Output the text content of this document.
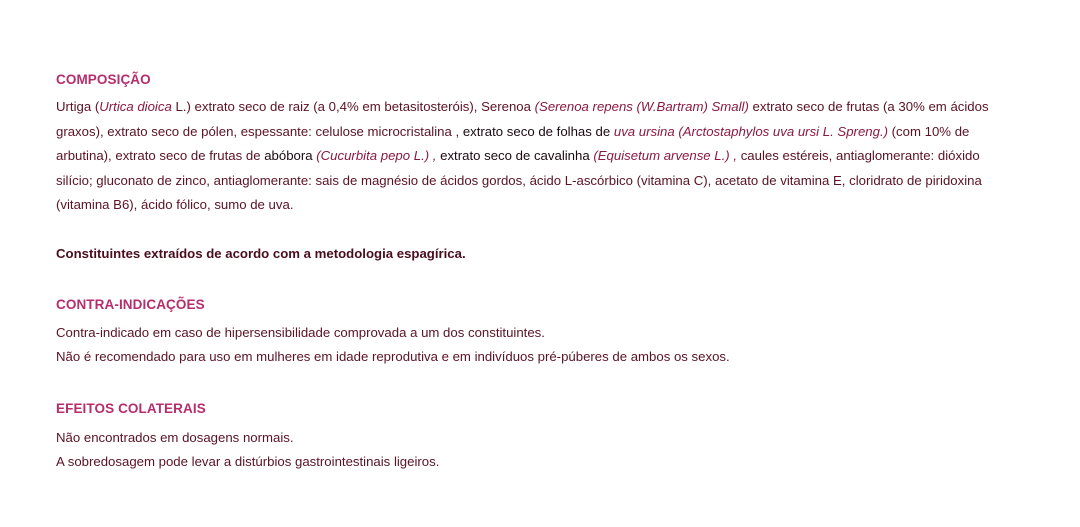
COMPOSIÇÃO
Urtiga (Urtica dioica L.) extrato seco de raiz (a 0,4% em betasitosteróis), Serenoa (Serenoa repens (W.Bartram) Small) extrato seco de frutas (a 30% em ácidos graxos), extrato seco de pólen, espessante: celulose microcristalina , extrato seco de folhas de uva ursina (Arctostaphylos uva ursi L. Spreng.) (com 10% de arbutina), extrato seco de frutas de abóbora (Cucurbita pepo L.) , extrato seco de cavalinha (Equisetum arvense L.) , caules estéreis, antiaglomerante: dióxido silício; gluconato de zinco, antiaglomerante: sais de magnésio de ácidos gordos, ácido L-ascórbico (vitamina C), acetato de vitamina E, cloridrato de piridoxina (vitamina B6), ácido fólico, sumo de uva.
Constituintes extraídos de acordo com a metodologia espagírica.
CONTRA-INDICAÇÕES
Contra-indicado em caso de hipersensibilidade comprovada a um dos constituintes.
Não é recomendado para uso em mulheres em idade reprodutiva e em indivíduos pré-púberes de ambos os sexos.
EFEITOS COLATERAIS
Não encontrados em dosagens normais.
A sobredosagem pode levar a distúrbios gastrointestinais ligeiros.
